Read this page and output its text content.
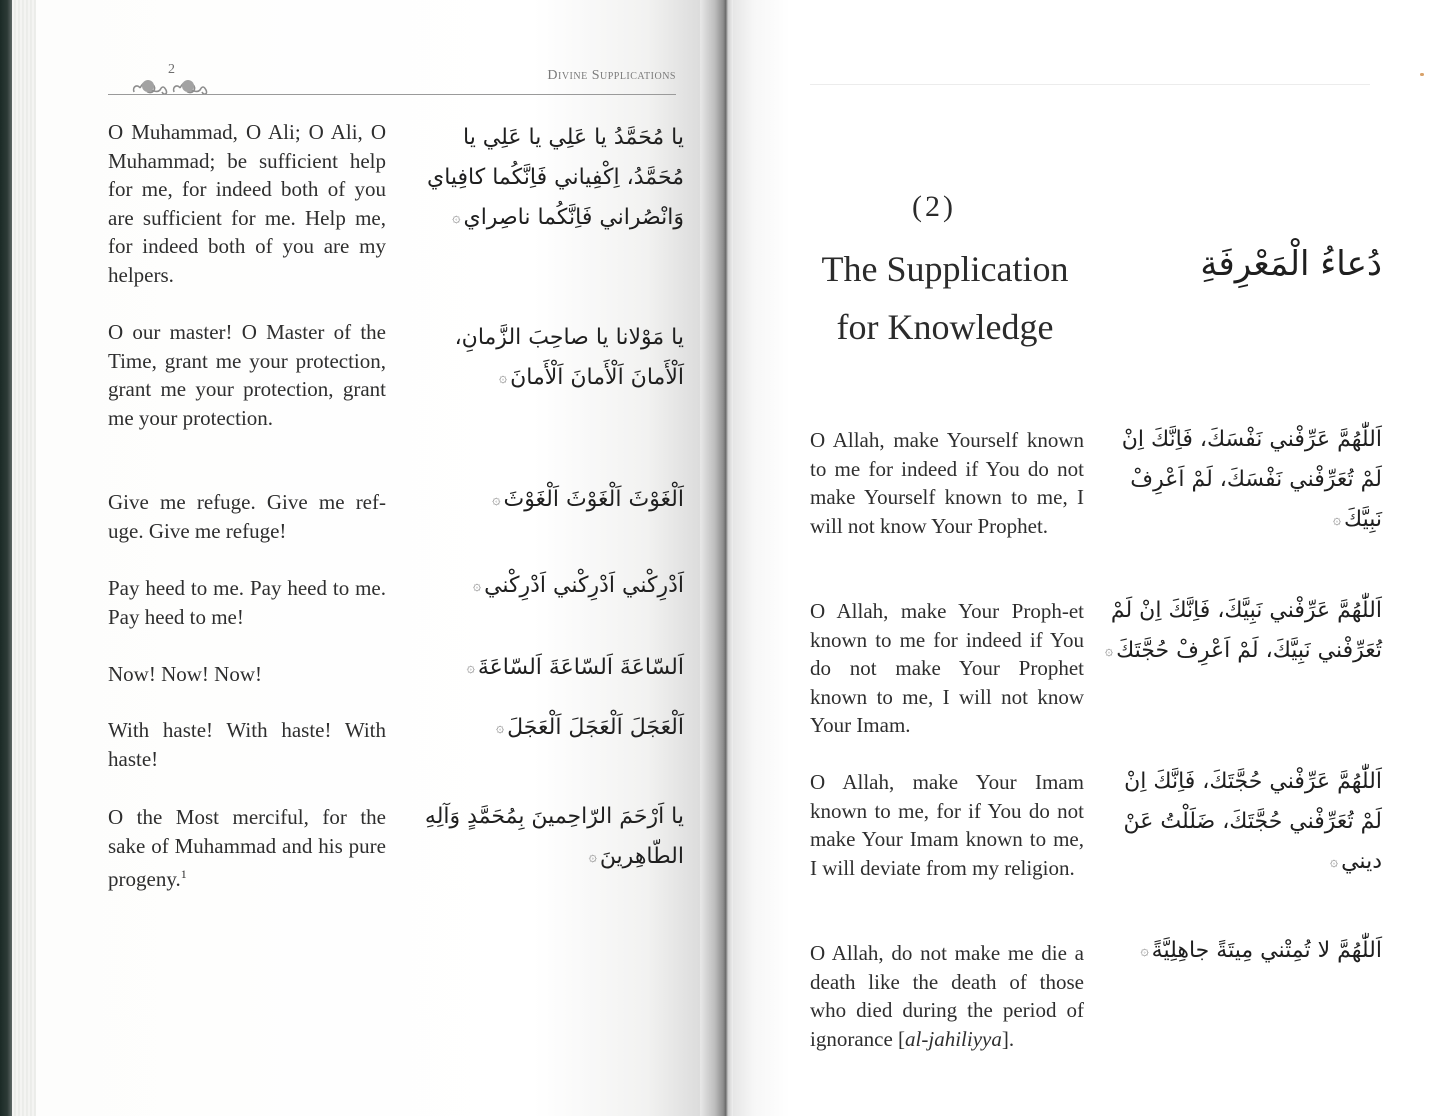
2	Divine Supplications
O Muhammad, O Ali; O Ali, O Muhammad; be sufficient help for me, for indeed both of you are sufficient for me. Help me, for indeed both of you are my helpers.
يا مُحَمَّدُ يا عَلِي يا عَلِي يا مُحَمَّدُ، اِكْفِياني فَاِنَّكُما كافِياي وَانْصُراني فَاِنَّكُما ناصِراي۞
O our master! O Master of the Time, grant me your protection, grant me your protection, grant me your protection.
يا مَوْلانا يا صاحِبَ الزَّمانِ، اَلْأَمانَ اَلْأَمانَ اَلْأَمانَ۞
Give me refuge. Give me ref-uge. Give me refuge!
اَلْغَوْثَ اَلْغَوْثَ اَلْغَوْثَ۞
Pay heed to me. Pay heed to me. Pay heed to me!
اَدْرِكْني اَدْرِكْني اَدْرِكْني۞
Now! Now! Now!	اَلسّاعَةَ اَلسّاعَةَ اَلسّاعَةَ۞
With haste! With haste! With haste!
اَلْعَجَلَ اَلْعَجَلَ اَلْعَجَلَ۞
O the Most merciful, for the sake of Muhammad and his pure progeny.$^1$
يا اَرْحَمَ الرّاحِمينَ بِمُحَمَّدٍ وَآلِهِ الطّاهِرينَ۞
(2)
The Supplication
for Knowledge
دُعاءُ الْمَعْرِفَةِ
O Allah, make Yourself known to me for indeed if You do not make Yourself known to me, I will not know Your Prophet.
اَللّٰهُمَّ عَرِّفْني نَفْسَكَ، فَاِنَّكَ اِنْ لَمْ تُعَرِّفْني نَفْسَكَ، لَمْ اَعْرِفْ نَبِيَّكَ۞
O Allah, make Your Proph-et known to me for indeed if You do not make Your Prophet known to me, I will not know Your Imam.
اَللّٰهُمَّ عَرِّفْني نَبِيَّكَ، فَاِنَّكَ اِنْ لَمْ تُعَرِّفْني نَبِيَّكَ، لَمْ اَعْرِفْ حُجَّتَكَ۞
O Allah, make Your Imam known to me, for if You do not make Your Imam known to me, I will deviate from my religion.
اَللّٰهُمَّ عَرِّفْني حُجَّتَكَ، فَاِنَّكَ اِنْ لَمْ تُعَرِّفْني حُجَّتَكَ، ضَلَلْتُ عَنْ ديني۞
O Allah, do not make me die a death like the death of those who died during the period of ignorance [al-jahiliyya].
اَللّٰهُمَّ لا تُمِتْني مِيتَةً جاهِلِيَّةً۞
